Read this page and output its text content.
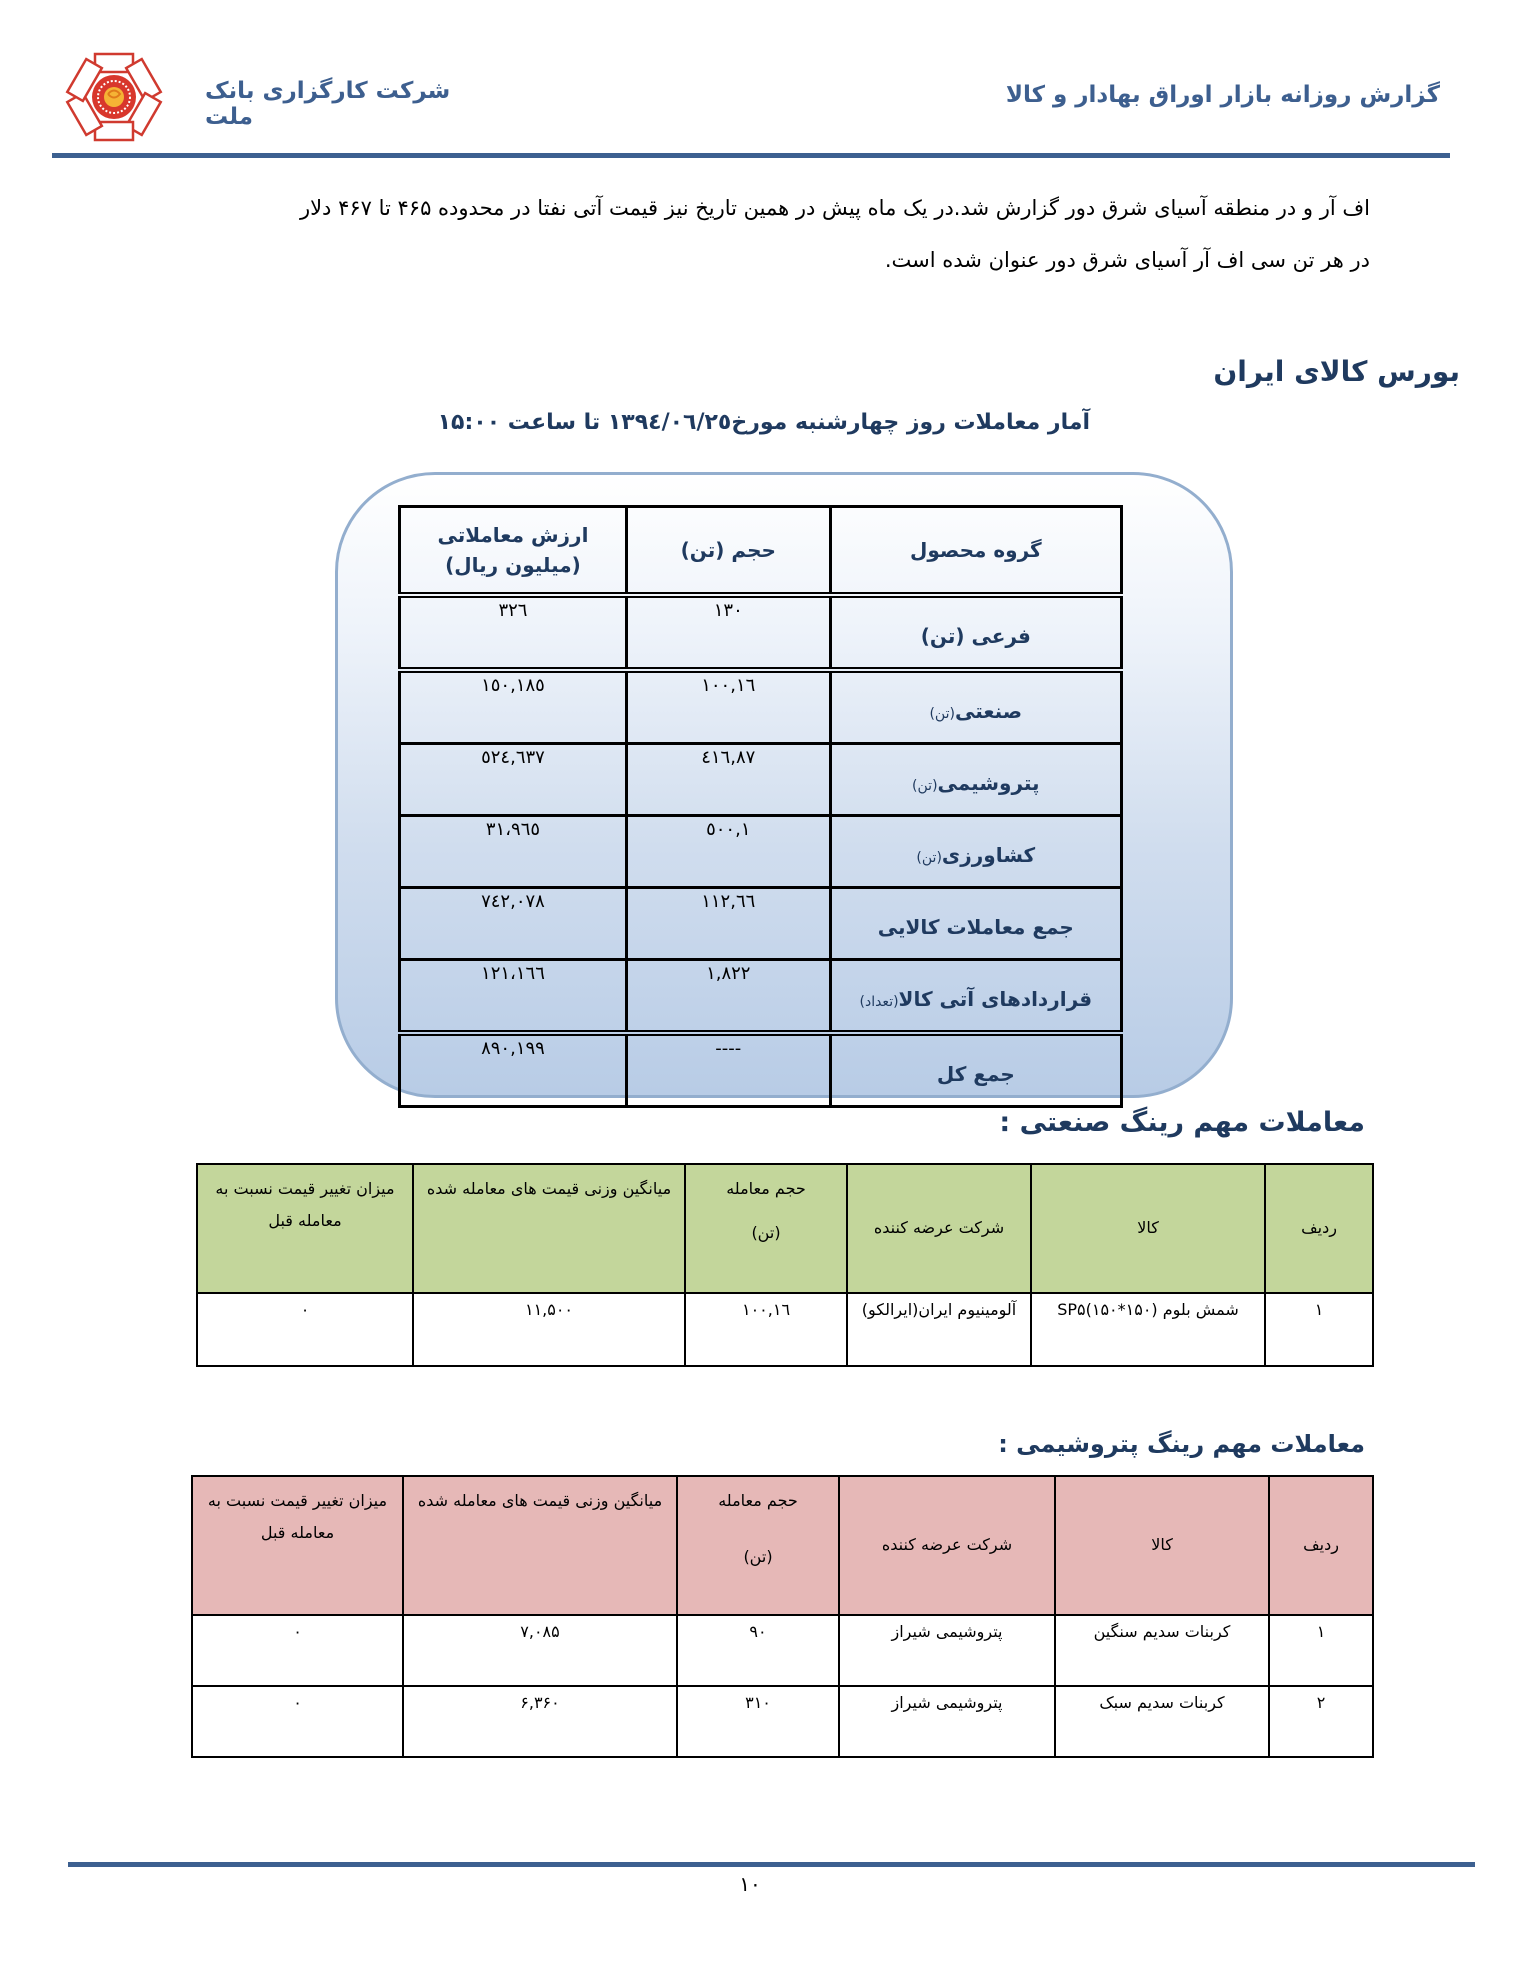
شرکت کارگزاری بانک ملت
گزارش روزانه بازار اوراق بهادار و کالا
اف آر و در منطقه آسیای شرق دور گزارش شد.در یک ماه پیش در همین تاریخ نیز قیمت آتی نفتا در محدوده ۴۶۵ تا ۴۶۷ دلار
در هر تن سی اف آر آسیای شرق دور عنوان شده است.
بورس کالای ایران
آمار معاملات روز چهارشنبه مورخ۱۳۹٤/۰٦/۲٥ تا ساعت ۱۵:۰۰
گروه محصول	حجم (تن)	ارزش معاملاتی
(میلیون ریال)

فرعی (تن)	۱۳۰	۳۲٦
صنعتی(تن)	۱٦,۱۰۰	۱۸٥,۱٥۰
پتروشیمی(تن)	۸۷,٤۱٦	٥۲٤,٦۳۷
کشاورزی(تن)	۱,٥۰۰	۳۱،۹٦٥
جمع معاملات کالایی	٦٦,۱۱۲	۷٤۲,۰۷۸
قراردادهای آتی کالا(تعداد)	۱,۸۲۲	۱٦٦،۱۲۱
جمع کل	----	۸۹۰,۱۹۹
معاملات مهم رینگ صنعتی :
ردیف	کالا	شرکت عرضه کننده	حجم معامله
(تن)	میانگین وزنی قیمت های معامله شده	میزان تغییر قیمت نسبت به معامله قبل
۱	شمش بلوم (۱۵۰*۱۵۰)SP۵	آلومینیوم ایران(ایرالکو)	۱٦,۱۰۰	۱۱,۵۰۰	۰
معاملات مهم رینگ پتروشیمی :
ردیف	کالا	شرکت عرضه کننده	حجم معامله
(تن)	میانگین وزنی قیمت های معامله شده	میزان تغییر قیمت نسبت به معامله قبل
۱	کربنات سدیم سنگین	پتروشیمی شیراز	۹۰	۷,۰۸۵	۰
۲	کربنات سدیم سبک	پتروشیمی شیراز	۳۱۰	۶,۳۶۰	۰
۱۰
